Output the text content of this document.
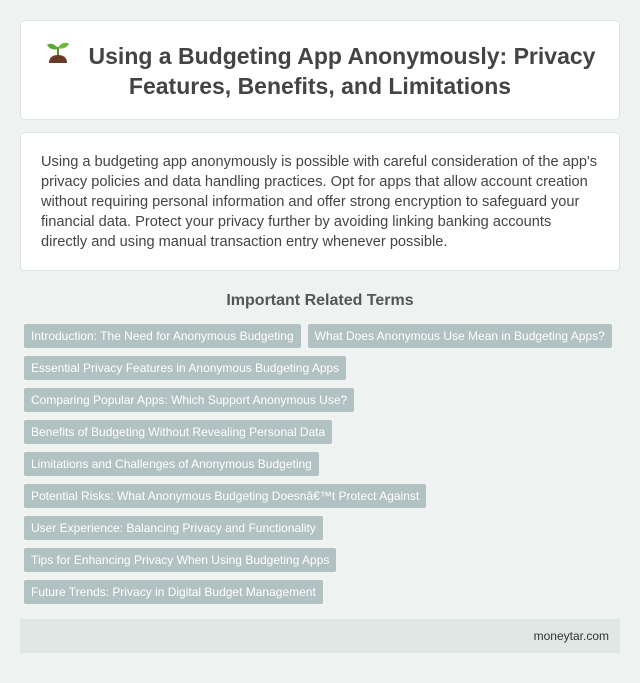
Using a Budgeting App Anonymously: Privacy Features, Benefits, and Limitations

Using a budgeting app anonymously is possible with careful consideration of the app's privacy policies and data handling practices. Opt for apps that allow account creation without requiring personal information and offer strong encryption to safeguard your financial data. Protect your privacy further by avoiding linking banking accounts directly and using manual transaction entry whenever possible.

Important Related Terms
Introduction: The Need for Anonymous Budgeting	What Does Anonymous Use Mean in Budgeting Apps?
Essential Privacy Features in Anonymous Budgeting Apps
Comparing Popular Apps: Which Support Anonymous Use?
Benefits of Budgeting Without Revealing Personal Data
Limitations and Challenges of Anonymous Budgeting
Potential Risks: What Anonymous Budgeting Doesnâ€™t Protect Against
User Experience: Balancing Privacy and Functionality
Tips for Enhancing Privacy When Using Budgeting Apps
Future Trends: Privacy in Digital Budget Management
moneytar.com
